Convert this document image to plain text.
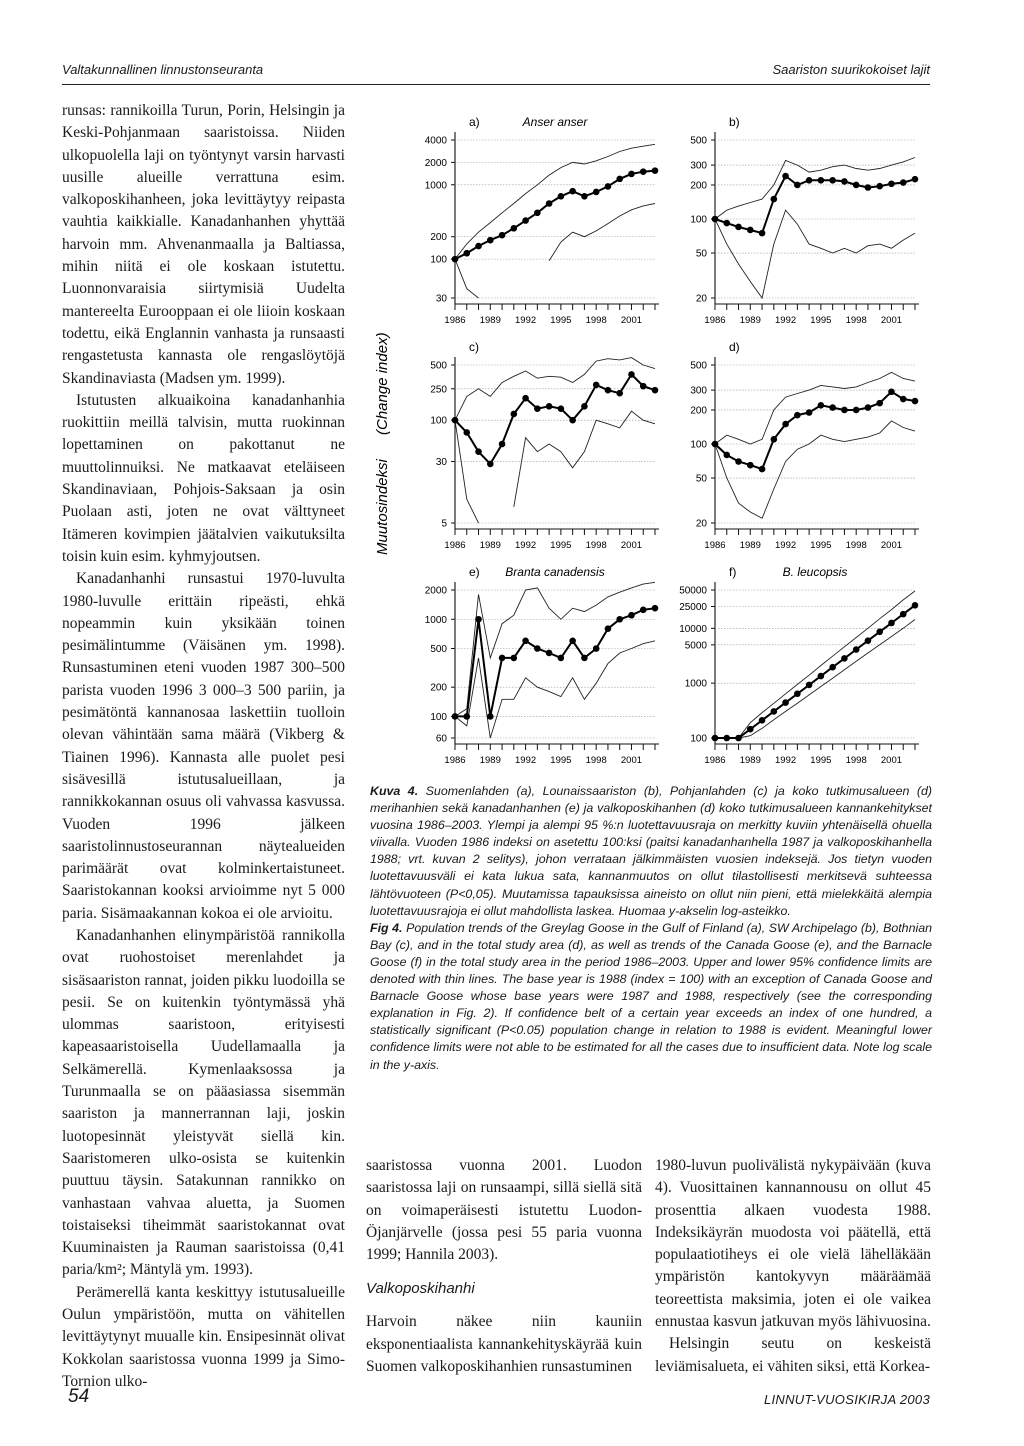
Valtakunnallinen linnustonseuranta	Saariston suurikokoiset lajit

runsas: rannikoilla Turun, Porin, Helsingin ja Keski-Pohjanmaan saaristoissa. Niiden ulkopuolella laji on työntynyt varsin harvasti uusille alueille verrattuna esim. valkoposkihanheen, joka levittäytyy reipasta vauhtia kaikkialle. Kanadanhanhen yhyttää harvoin mm. Ahvenanmaalla ja Baltiassa, mihin niitä ei ole koskaan istutettu. Luonnonvaraisia siirtymisiä Uudelta mantereelta Eurooppaan ei ole liioin koskaan todettu, eikä Englannin vanhasta ja runsaasti rengastetusta kannasta ole rengaslöytöjä Skandinaviasta (Madsen ym. 1999).

Istutusten alkuaikoina kanadanhanhia ruokittiin meillä talvisin, mutta ruokinnan lopettaminen on pakottanut ne muuttolinnuiksi. Ne matkaavat eteläiseen Skandinaviaan, Pohjois-Saksaan ja osin Puolaan asti, joten ne ovat välttyneet Itämeren kovimpien jäätalvien vaikutuksilta toisin kuin esim. kyhmyjoutsen.

Kanadanhanhi runsastui 1970-luvulta 1980-luvulle erittäin ripeästi, ehkä nopeammin kuin yksikään toinen pesimälintumme (Väisänen ym. 1998). Runsastuminen eteni vuoden 1987 300–500 parista vuoden 1996 3 000–3 500 pariin, ja pesimätöntä kannanosaa laskettiin tuolloin olevan vähintään sama määrä (Vikberg & Tiainen 1996). Kannasta alle puolet pesi sisävesillä istutusalueillaan, ja rannikkokannan osuus oli vahvassa kasvussa. Vuoden 1996 jälkeen saaristolinnustoseurannan näytealueiden parimäärät ovat kolminkertaistuneet. Saaristokannan kooksi arvioimme nyt 5 000 paria. Sisämaakannan kokoa ei ole arvioitu.

Kanadanhanhen elinympäristöä rannikolla ovat ruohostoiset merenlahdet ja sisäsaariston rannat, joiden pikku luodoilla se pesii. Se on kuitenkin työntymässä yhä ulommas saaristoon, erityisesti kapeasaaristoisella Uudellamaalla ja Selkämerellä. Kymenlaaksossa ja Turunmaalla se on pääasiassa sisemmän saariston ja mannerrannan laji, joskin luotopesinnät yleistyvät siellä kin. Saaristomeren ulko-osista se kuitenkin puuttuu täysin. Satakunnan rannikko on vanhastaan vahvaa aluetta, ja Suomen toistaiseksi tiheimmät saaristokannat ovat Kuuminaisten ja Rauman saaristoissa (0,41 paria/km²; Mäntylä ym. 1993).

Perämerellä kanta keskittyy istutusalueille Oulun ympäristöön, mutta on vähitellen levittäytynyt muualle kin. Ensipesinnät olivat Kokkolan saaristossa vuonna 1999 ja Simo-Tornion ulko-

Muutosindeksi
(Change index)
30
100
200
1000
2000
4000
1986 1989 1992 1995 1998 2001
a)	Anser anser
20
50
100
200
300
500
1986 1989 1992 1995 1998 2001
b)
5
30
100
250
500
1986 1989 1992 1995 1998 2001
c)
20
50
100
200
300
500
1986 1989 1992 1995 1998 2001
d)
60
100
200
500
1000
2000
1986 1989 1992 1995 1998 2001
e) Branta canadensis
100
1000
5000
10000
25000
50000
1986 1989 1992 1995 1998 2001
f)	B. leucopsis

Kuva 4. Suomenlahden (a), Lounaissaariston (b), Pohjanlahden (c) ja koko tutkimusalueen (d) merihanhien sekä kanadanhanhen (e) ja valkoposkihanhen (d) koko tutkimusalueen kannankehitykset vuosina 1986–2003. Ylempi ja alempi 95 %:n luotettavuusraja on merkitty kuviin yhtenäisellä ohuella viivalla. Vuoden 1986 indeksi on asetettu 100:ksi (paitsi kanadanhanhella 1987 ja valkoposkihanhella 1988; vrt. kuvan 2 selitys), johon verrataan jälkimmäisten vuosien indeksejä. Jos tietyn vuoden luotettavuusväli ei kata lukua sata, kannanmuutos on ollut tilastollisesti merkitsevä suhteessa lähtövuoteen (P<0,05). Muutamissa tapauksissa aineisto on ollut niin pieni, että mielekkäitä alempia luotettavuusrajoja ei ollut mahdollista laskea. Huomaa y-akselin log-asteikko.

Fig 4. Population trends of the Greylag Goose in the Gulf of Finland (a), SW Archipelago (b), Bothnian Bay (c), and in the total study area (d), as well as trends of the Canada Goose (e), and the Barnacle Goose (f) in the total study area in the period 1986–2003. Upper and lower 95% confidence limits are denoted with thin lines. The base year is 1988 (index = 100) with an exception of Canada Goose and Barnacle Goose whose base years were 1987 and 1988, respectively (see the corresponding explanation in Fig. 2). If confidence belt of a certain year exceeds an index of one hundred, a statistically significant (P<0.05) population change in relation to 1988 is evident. Meaningful lower confidence limits were not able to be estimated for all the cases due to insufficient data. Note log scale in the y-axis.

saaristossa vuonna 2001. Luodon saaristossa laji on runsaampi, sillä siellä sitä on voimaperäisesti istutettu Luodon-Öjanjärvelle (jossa pesi 55 paria vuonna 1999; Hannila 2003).

Valkoposkihanhi

Harvoin näkee niin kauniin eksponentiaalista kannankehityskäyrää kuin Suomen valkoposkihanhien runsastuminen

1980-luvun puolivälistä nykypäivään (kuva 4). Vuosittainen kannannousu on ollut 45 prosenttia alkaen vuodesta 1988. Indeksikäyrän muodosta voi päätellä, että populaatiotiheys ei ole vielä lähelläkään ympäristön kantokyvyn määräämää teoreettista maksimia, joten ei ole vaikea ennustaa kasvun jatkuvan myös lähivuosina.

Helsingin seutu on keskeistä leviämisalueta, ei vähiten siksi, että Korkea-

54	LINNUT-VUOSIKIRJA 2003
